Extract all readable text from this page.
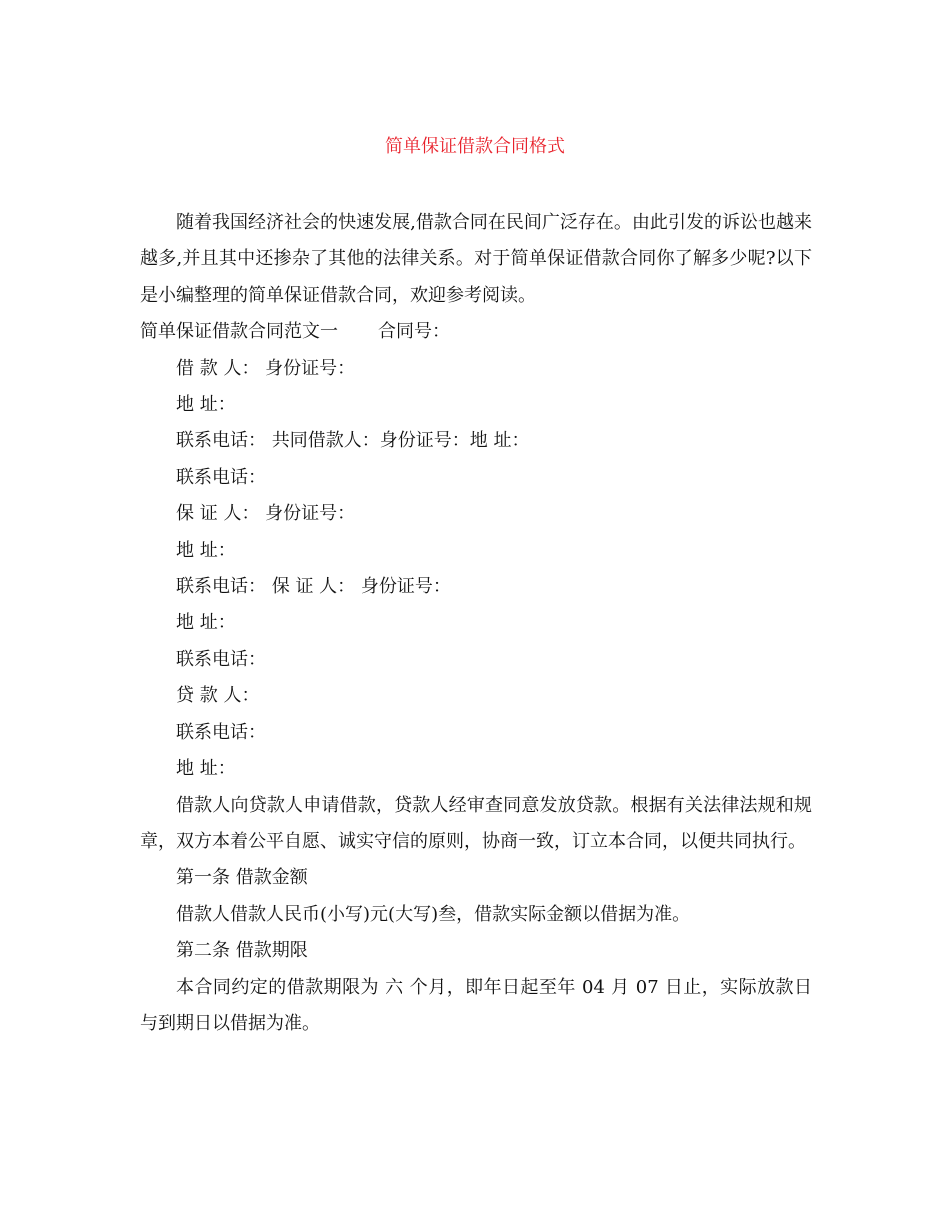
简单保证借款合同格式

随着我国经济社会的快速发展,借款合同在民间广泛存在。由此引发的诉讼也越来越多,并且其中还掺杂了其他的法律关系。对于简单保证借款合同你了解多少呢?以下是小编整理的简单保证借款合同，欢迎参考阅读。

简单保证借款合同范文一 合同号：

借 款 人： 身份证号：

地 址：

联系电话： 共同借款人：身份证号：地 址：

联系电话：

保 证 人： 身份证号：

地 址：

联系电话： 保 证 人： 身份证号：

地 址：

联系电话：

贷 款 人：

联系电话：

地 址：

借款人向贷款人申请借款，贷款人经审查同意发放贷款。根据有关法律法规和规章，双方本着公平自愿、诚实守信的原则，协商一致，订立本合同，以便共同执行。

第一条 借款金额

借款人借款人民币(小写)元(大写)叁，借款实际金额以借据为准。

第二条 借款期限

本合同约定的借款期限为 六 个月，即年日起至年 04 月 07 日止，实际放款日与到期日以借据为准。
